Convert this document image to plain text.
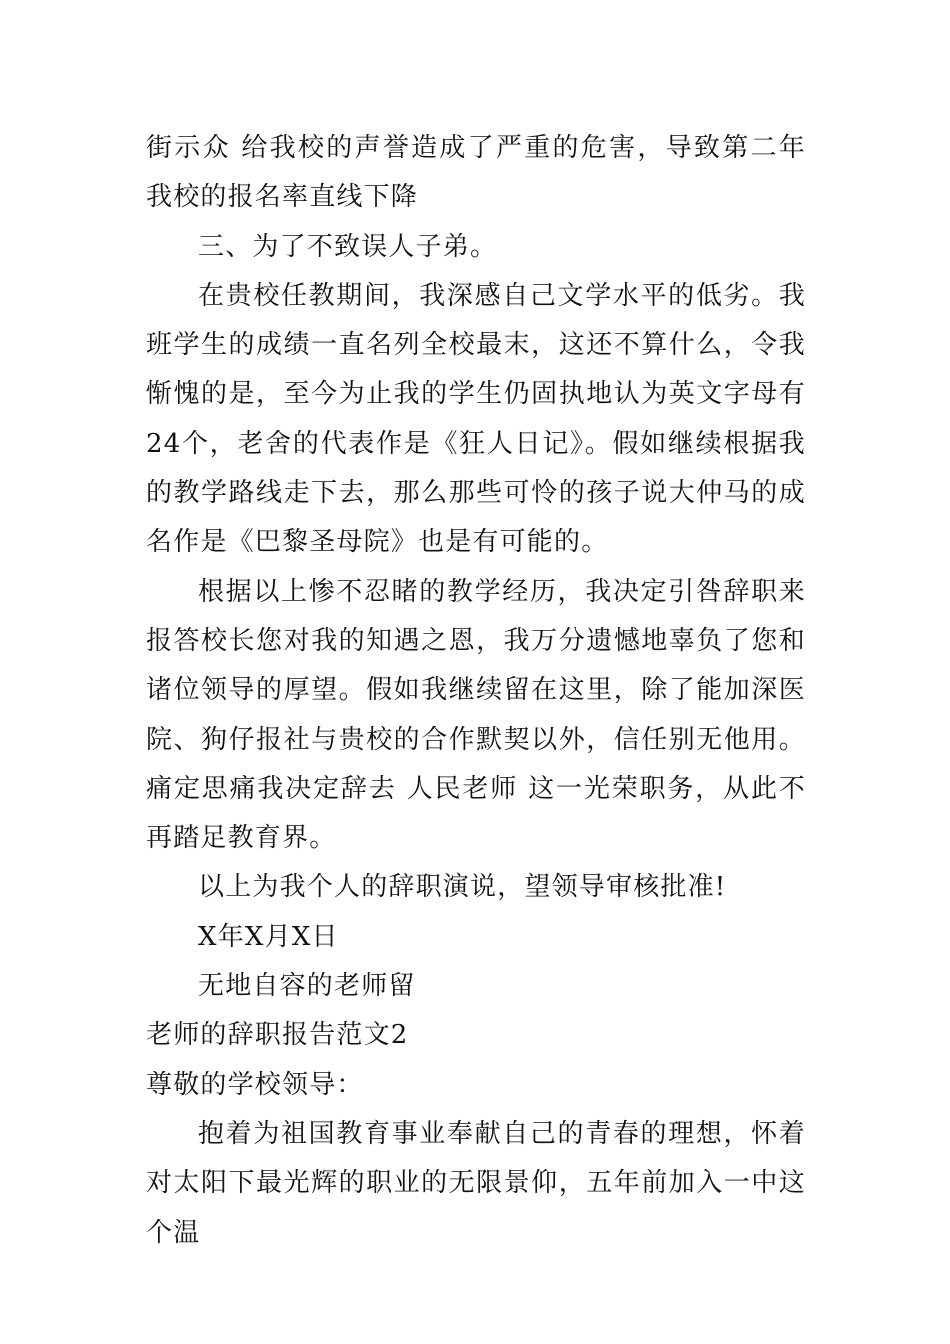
街示众 给我校的声誉造成了严重的危害，导致第二年我校的报名率直线下降

三、为了不致误人子弟。

在贵校任教期间，我深感自己文学水平的低劣。我班学生的成绩一直名列全校最末，这还不算什么，令我惭愧的是，至今为止我的学生仍固执地认为英文字母有24个，老舍的代表作是《狂人日记》。假如继续根据我的教学路线走下去，那么那些可怜的孩子说大仲马的成名作是《巴黎圣母院》也是有可能的。

根据以上惨不忍睹的教学经历，我决定引咎辞职来报答校长您对我的知遇之恩，我万分遗憾地辜负了您和诸位领导的厚望。假如我继续留在这里，除了能加深医院、狗仔报社与贵校的合作默契以外，信任别无他用。痛定思痛我决定辞去 人民老师 这一光荣职务，从此不再踏足教育界。

以上为我个人的辞职演说，望领导审核批准!

X年X月X日

无地自容的老师留

老师的辞职报告范文2

尊敬的学校领导：

抱着为祖国教育事业奉献自己的青春的理想，怀着对太阳下最光辉的职业的无限景仰，五年前加入一中这个温
